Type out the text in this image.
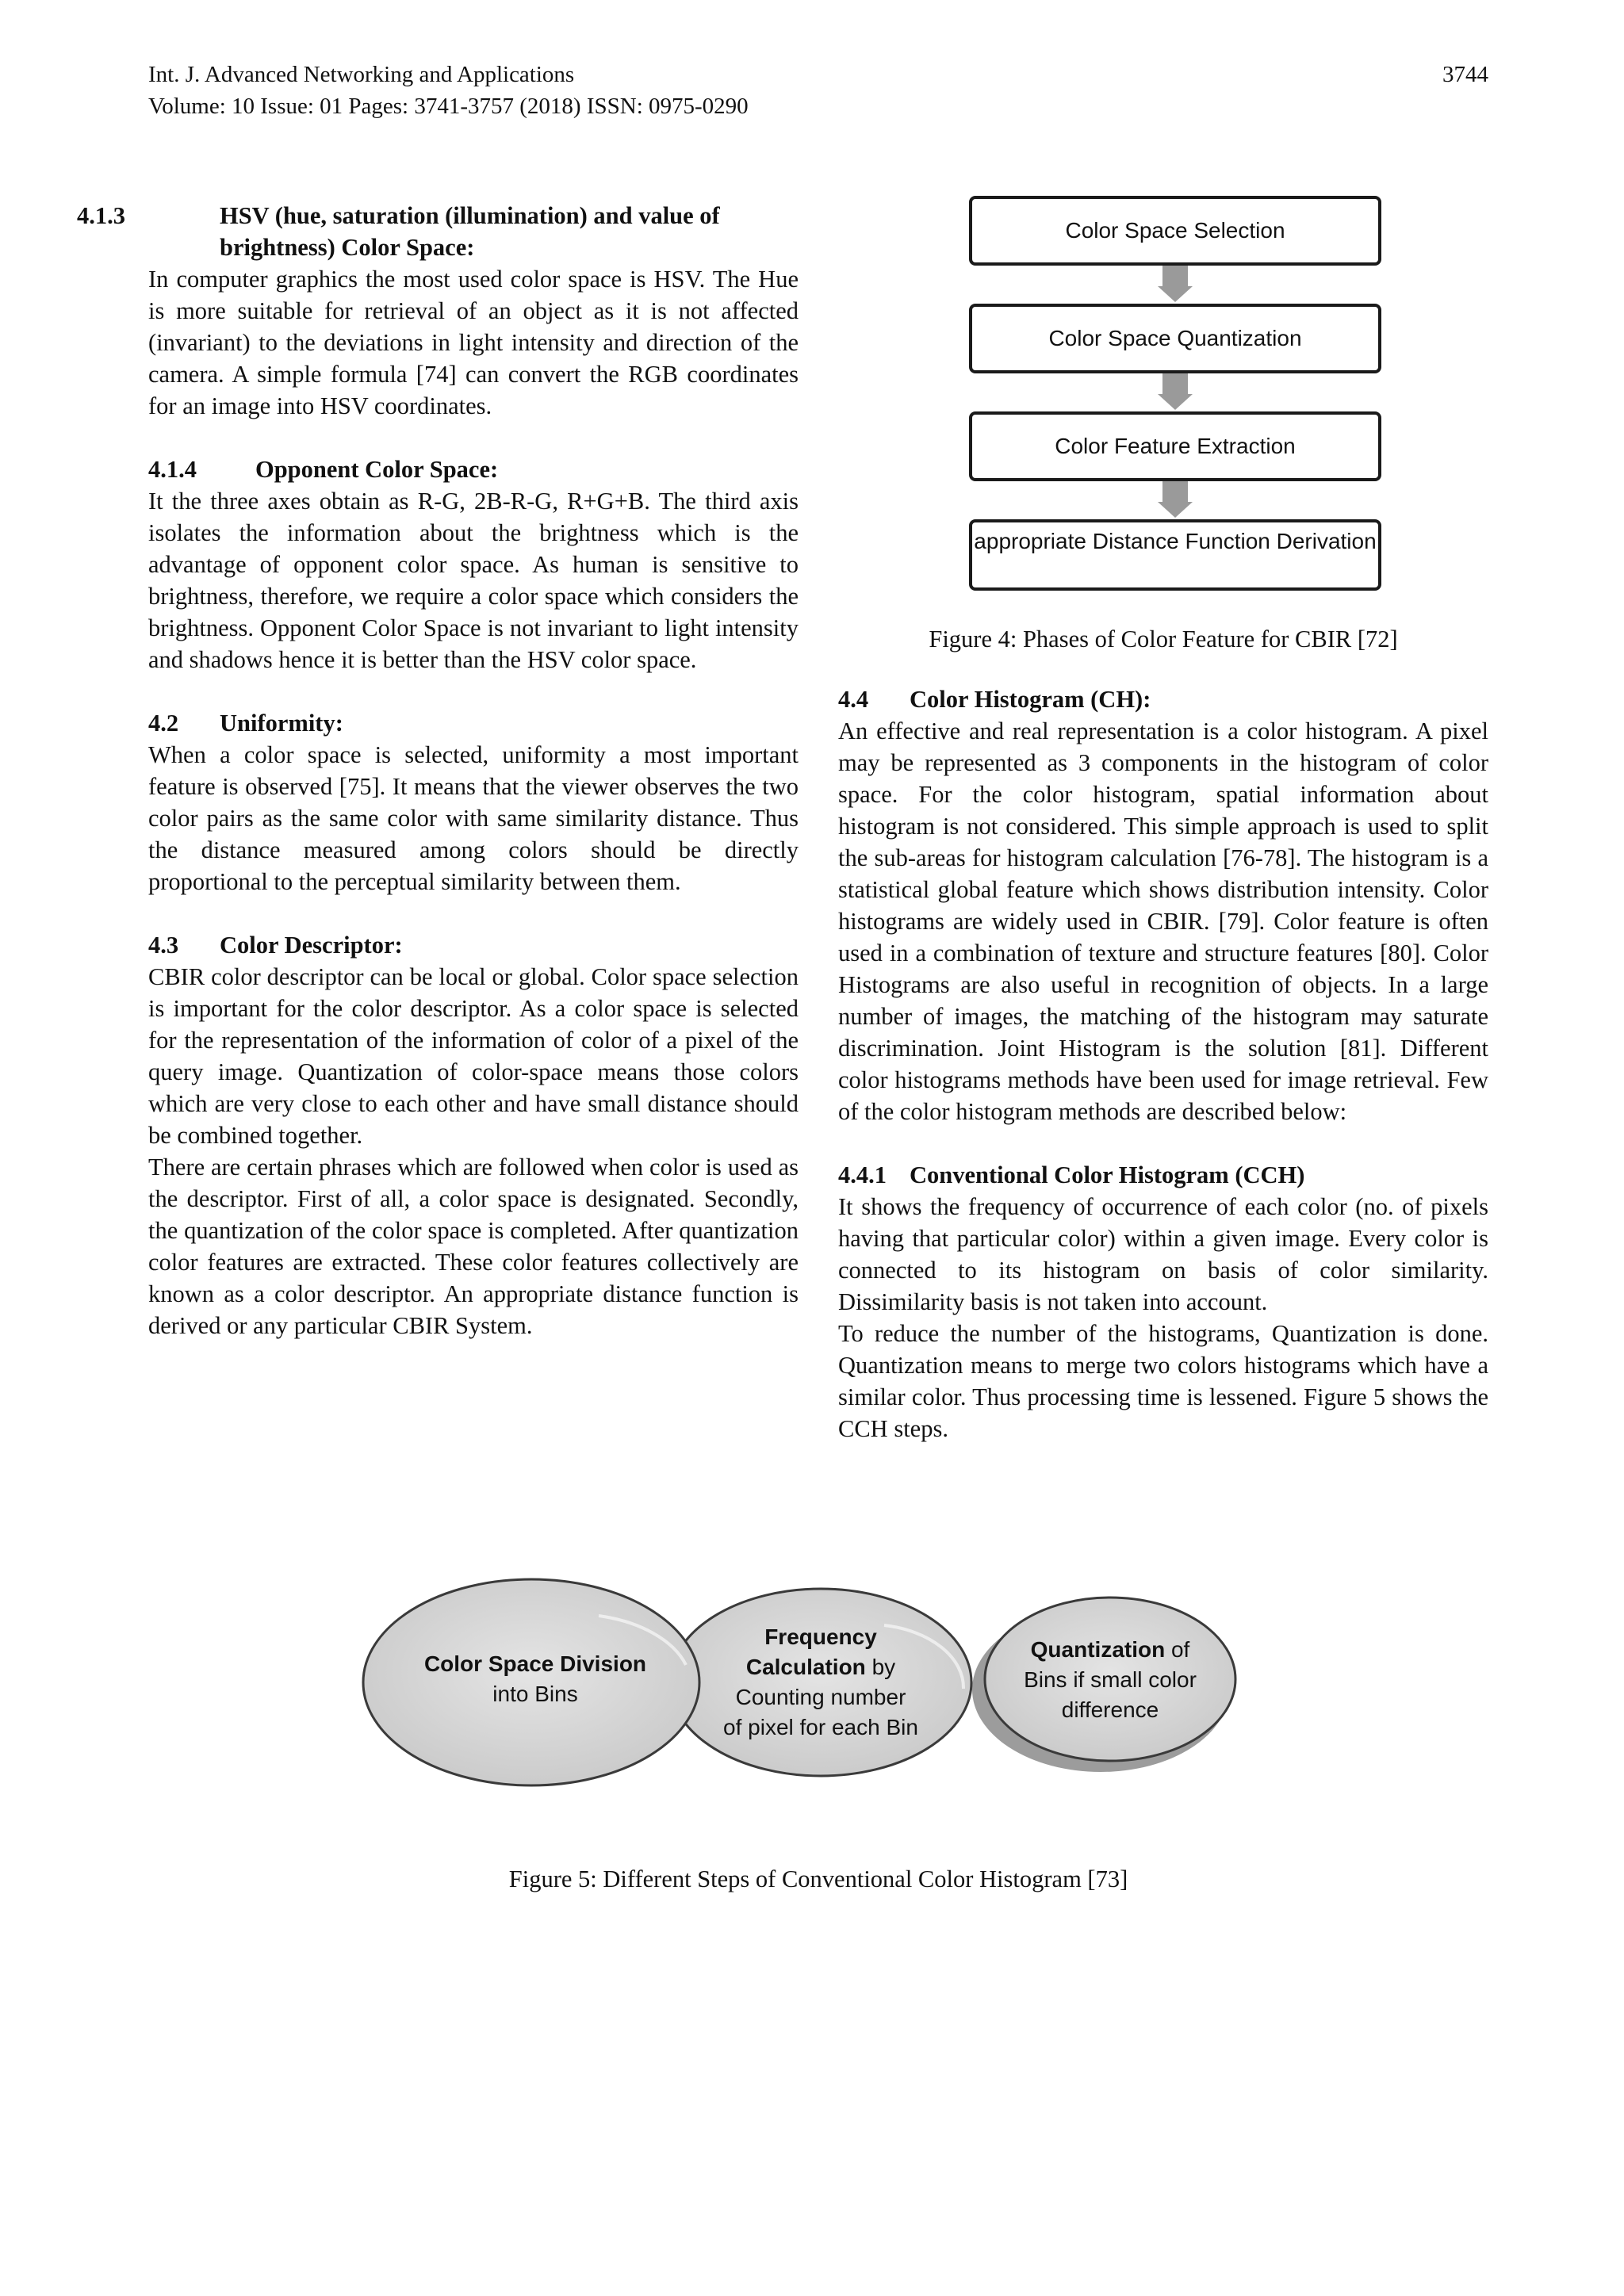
Int. J. Advanced Networking and Applications
Volume: 10 Issue: 01 Pages: 3741-3757 (2018) ISSN: 0975-0290
3744
4.1.3	HSV (hue, saturation (illumination) and value of brightness) Color Space:

In computer graphics the most used color space is HSV. The Hue is more suitable for retrieval of an object as it is not affected (invariant) to the deviations in light intensity and direction of the camera. A simple formula [74] can convert the RGB coordinates for an image into HSV coordinates.

4.1.4 Opponent Color Space:

It the three axes obtain as R-G, 2B-R-G, R+G+B. The third axis isolates the information about the brightness which is the advantage of opponent color space. As human is sensitive to brightness, therefore, we require a color space which considers the brightness. Opponent Color Space is not invariant to light intensity and shadows hence it is better than the HSV color space.

4.2 Uniformity:

When a color space is selected, uniformity a most important feature is observed [75]. It means that the viewer observes the two color pairs as the same color with same similarity distance. Thus the distance measured among colors should be directly proportional to the perceptual similarity between them.

4.3 Color Descriptor:

CBIR color descriptor can be local or global. Color space selection is important for the color descriptor. As a color space is selected for the representation of the information of color of a pixel of the query image. Quantization of color-space means those colors which are very close to each other and have small distance should be combined together.

There are certain phrases which are followed when color is used as the descriptor. First of all, a color space is designated. Secondly, the quantization of the color space is completed. After quantization color features are extracted. These color features collectively are known as a color descriptor. An appropriate distance function is derived or any particular CBIR System.

Color Space Selection
Color Space Quantization
Color Feature Extraction
appropriate Distance Function Derivation
Figure 4: Phases of Color Feature for CBIR [72]
4.4 Color Histogram (CH):

An effective and real representation is a color histogram. A pixel may be represented as 3 components in the histogram of color space. For the color histogram, spatial information about histogram is not considered. This simple approach is used to split the sub-areas for histogram calculation [76-78]. The histogram is a statistical global feature which shows distribution intensity. Color histograms are widely used in CBIR. [79]. Color feature is often used in a combination of texture and structure features [80]. Color Histograms are also useful in recognition of objects. In a large number of images, the matching of the histogram may saturate discrimination. Joint Histogram is the solution [81]. Different color histograms methods have been used for image retrieval. Few of the color histogram methods are described below:

4.4.1 Conventional Color Histogram (CCH)

It shows the frequency of occurrence of each color (no. of pixels having that particular color) within a given image. Every color is connected to its histogram on basis of color similarity. Dissimilarity basis is not taken into account.

To reduce the number of the histograms, Quantization is done. Quantization means to merge two colors histograms which have a similar color. Thus processing time is lessened. Figure 5 shows the CCH steps.

Color Space Division
into Bins
Frequency
Calculation by
Counting number
of pixel for each Bin
Quantization of
Bins if small color
difference
Figure 5: Different Steps of Conventional Color Histogram [73]
